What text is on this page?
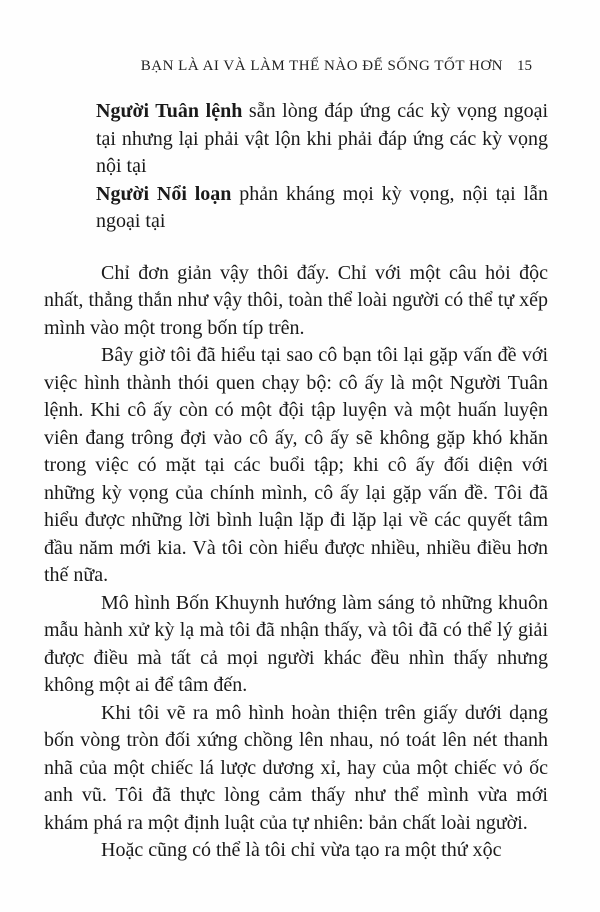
BẠN LÀ AI VÀ LÀM THẾ NÀO ĐỂ SỐNG TỐT HƠN 15
Người Tuân lệnh sẵn lòng đáp ứng các kỳ vọng ngoại tại nhưng lại phải vật lộn khi phải đáp ứng các kỳ vọng nội tại
Người Nổi loạn phản kháng mọi kỳ vọng, nội tại lẫn ngoại tại

Chỉ đơn giản vậy thôi đấy. Chỉ với một câu hỏi độc nhất, thẳng thắn như vậy thôi, toàn thể loài người có thể tự xếp mình vào một trong bốn típ trên.

Bây giờ tôi đã hiểu tại sao cô bạn tôi lại gặp vấn đề với việc hình thành thói quen chạy bộ: cô ấy là một Người Tuân lệnh. Khi cô ấy còn có một đội tập luyện và một huấn luyện viên đang trông đợi vào cô ấy, cô ấy sẽ không gặp khó khăn trong việc có mặt tại các buổi tập; khi cô ấy đối diện với những kỳ vọng của chính mình, cô ấy lại gặp vấn đề. Tôi đã hiểu được những lời bình luận lặp đi lặp lại về các quyết tâm đầu năm mới kia. Và tôi còn hiểu được nhiều, nhiều điều hơn thế nữa.

Mô hình Bốn Khuynh hướng làm sáng tỏ những khuôn mẫu hành xử kỳ lạ mà tôi đã nhận thấy, và tôi đã có thể lý giải được điều mà tất cả mọi người khác đều nhìn thấy nhưng không một ai để tâm đến.

Khi tôi vẽ ra mô hình hoàn thiện trên giấy dưới dạng bốn vòng tròn đối xứng chồng lên nhau, nó toát lên nét thanh nhã của một chiếc lá lược dương xỉ, hay của một chiếc vỏ ốc anh vũ. Tôi đã thực lòng cảm thấy như thể mình vừa mới khám phá ra một định luật của tự nhiên: bản chất loài người.

Hoặc cũng có thể là tôi chỉ vừa tạo ra một thứ xộc
